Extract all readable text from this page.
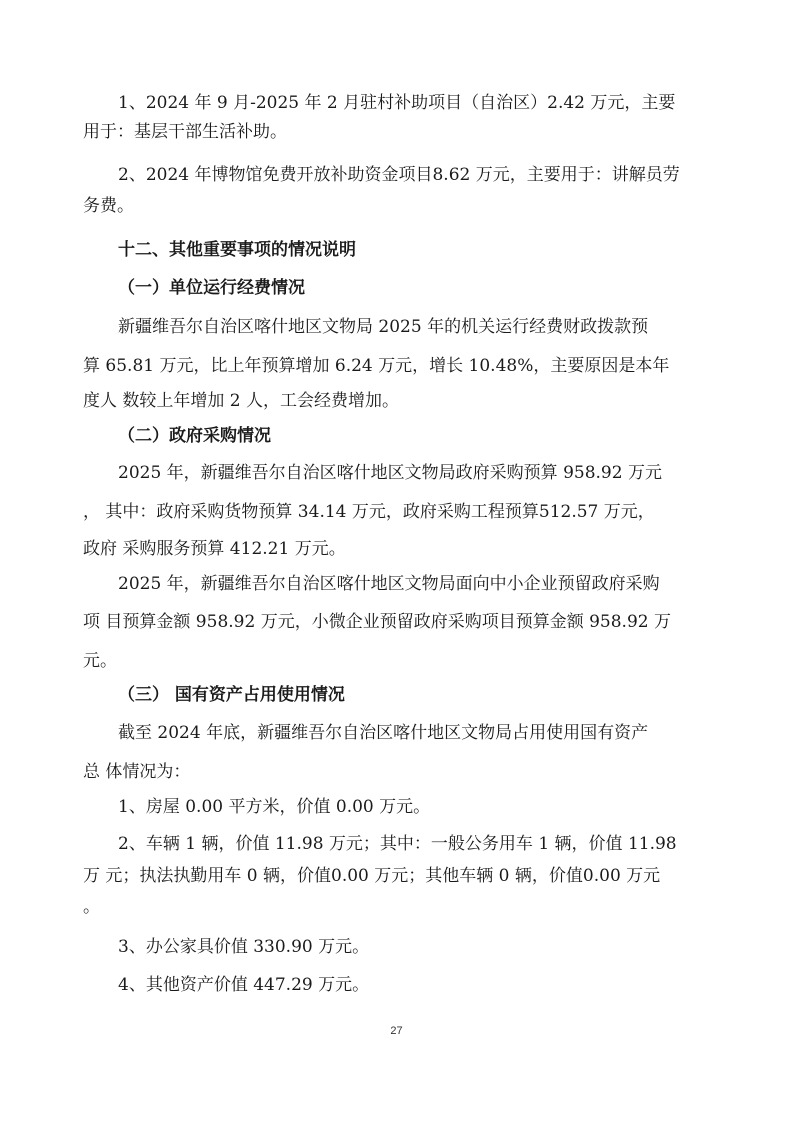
1、2024 年 9 月-2025 年 2 月驻村补助项目（自治区）2.42 万元，主要

用于：基层干部生活补助。

2、2024 年博物馆免费开放补助资金项目8.62 万元，主要用于：讲解员劳

务费。

十二、其他重要事项的情况说明

（一）单位运行经费情况

新疆维吾尔自治区喀什地区文物局 2025 年的机关运行经费财政拨款预

算 65.81 万元，比上年预算增加 6.24 万元，增长 10.48%，主要原因是本年

度人 数较上年增加 2 人，工会经费增加。

（二）政府采购情况

2025 年，新疆维吾尔自治区喀什地区文物局政府采购预算 958.92 万元

， 其中：政府采购货物预算 34.14 万元，政府采购工程预算512.57 万元，

政府 采购服务预算 412.21 万元。

2025 年，新疆维吾尔自治区喀什地区文物局面向中小企业预留政府采购

项 目预算金额 958.92 万元，小微企业预留政府采购项目预算金额 958.92 万

元。

（三） 国有资产占用使用情况

截至 2024 年底，新疆维吾尔自治区喀什地区文物局占用使用国有资产

总 体情况为：

1、房屋 0.00 平方米，价值 0.00 万元。

2、车辆 1 辆，价值 11.98 万元；其中：一般公务用车 1 辆，价值 11.98

万 元；执法执勤用车 0 辆，价值0.00 万元；其他车辆 0 辆，价值0.00 万元

。

3、办公家具价值 330.90 万元。

4、其他资产价值 447.29 万元。

27
